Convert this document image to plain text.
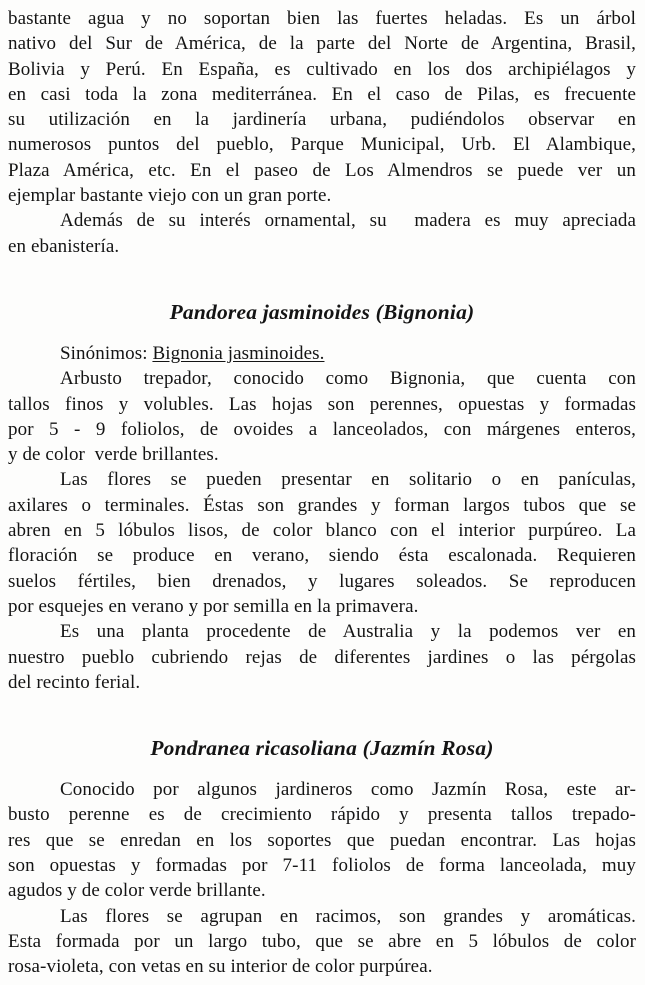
bastante agua y no soportan bien las fuertes heladas. Es un árbol
nativo del Sur de América, de la parte del Norte de Argentina, Brasil,
Bolivia y Perú. En España, es cultivado en los dos archipiélagos y
en casi toda la zona mediterránea. En el caso de Pilas, es frecuente
su utilización en la jardinería urbana, pudiéndolos observar en
numerosos puntos del pueblo, Parque Municipal, Urb. El Alambique,
Plaza América, etc. En el paseo de Los Almendros se puede ver un
ejemplar bastante viejo con un gran porte.
Además de su interés ornamental, su  madera es muy apreciada
en ebanistería.
Pandorea jasminoides (Bignonia)
Sinónimos: Bignonia jasminoides.
Arbusto trepador, conocido como Bignonia, que cuenta con
tallos finos y volubles. Las hojas son perennes, opuestas y formadas
por 5 - 9 foliolos, de ovoides a lanceolados, con márgenes enteros,
y de color  verde brillantes.
Las flores se pueden presentar en solitario o en panículas,
axilares o terminales. Éstas son grandes y forman largos tubos que se
abren en 5 lóbulos lisos, de color blanco con el interior purpúreo. La
floración se produce en verano, siendo ésta escalonada. Requieren
suelos fértiles, bien drenados, y lugares soleados. Se reproducen
por esquejes en verano y por semilla en la primavera.
Es una planta procedente de Australia y la podemos ver en
nuestro pueblo cubriendo rejas de diferentes jardines o las pérgolas
del recinto ferial.
Pondranea ricasoliana (Jazmín Rosa)
Conocido por algunos jardineros como Jazmín Rosa, este ar-
busto perenne es de crecimiento rápido y presenta tallos trepado-
res que se enredan en los soportes que puedan encontrar. Las hojas
son opuestas y formadas por 7-11 foliolos de forma lanceolada, muy
agudos y de color verde brillante.
Las flores se agrupan en racimos, son grandes y aromáticas.
Esta formada por un largo tubo, que se abre en 5 lóbulos de color
rosa-violeta, con vetas en su interior de color purpúrea.
